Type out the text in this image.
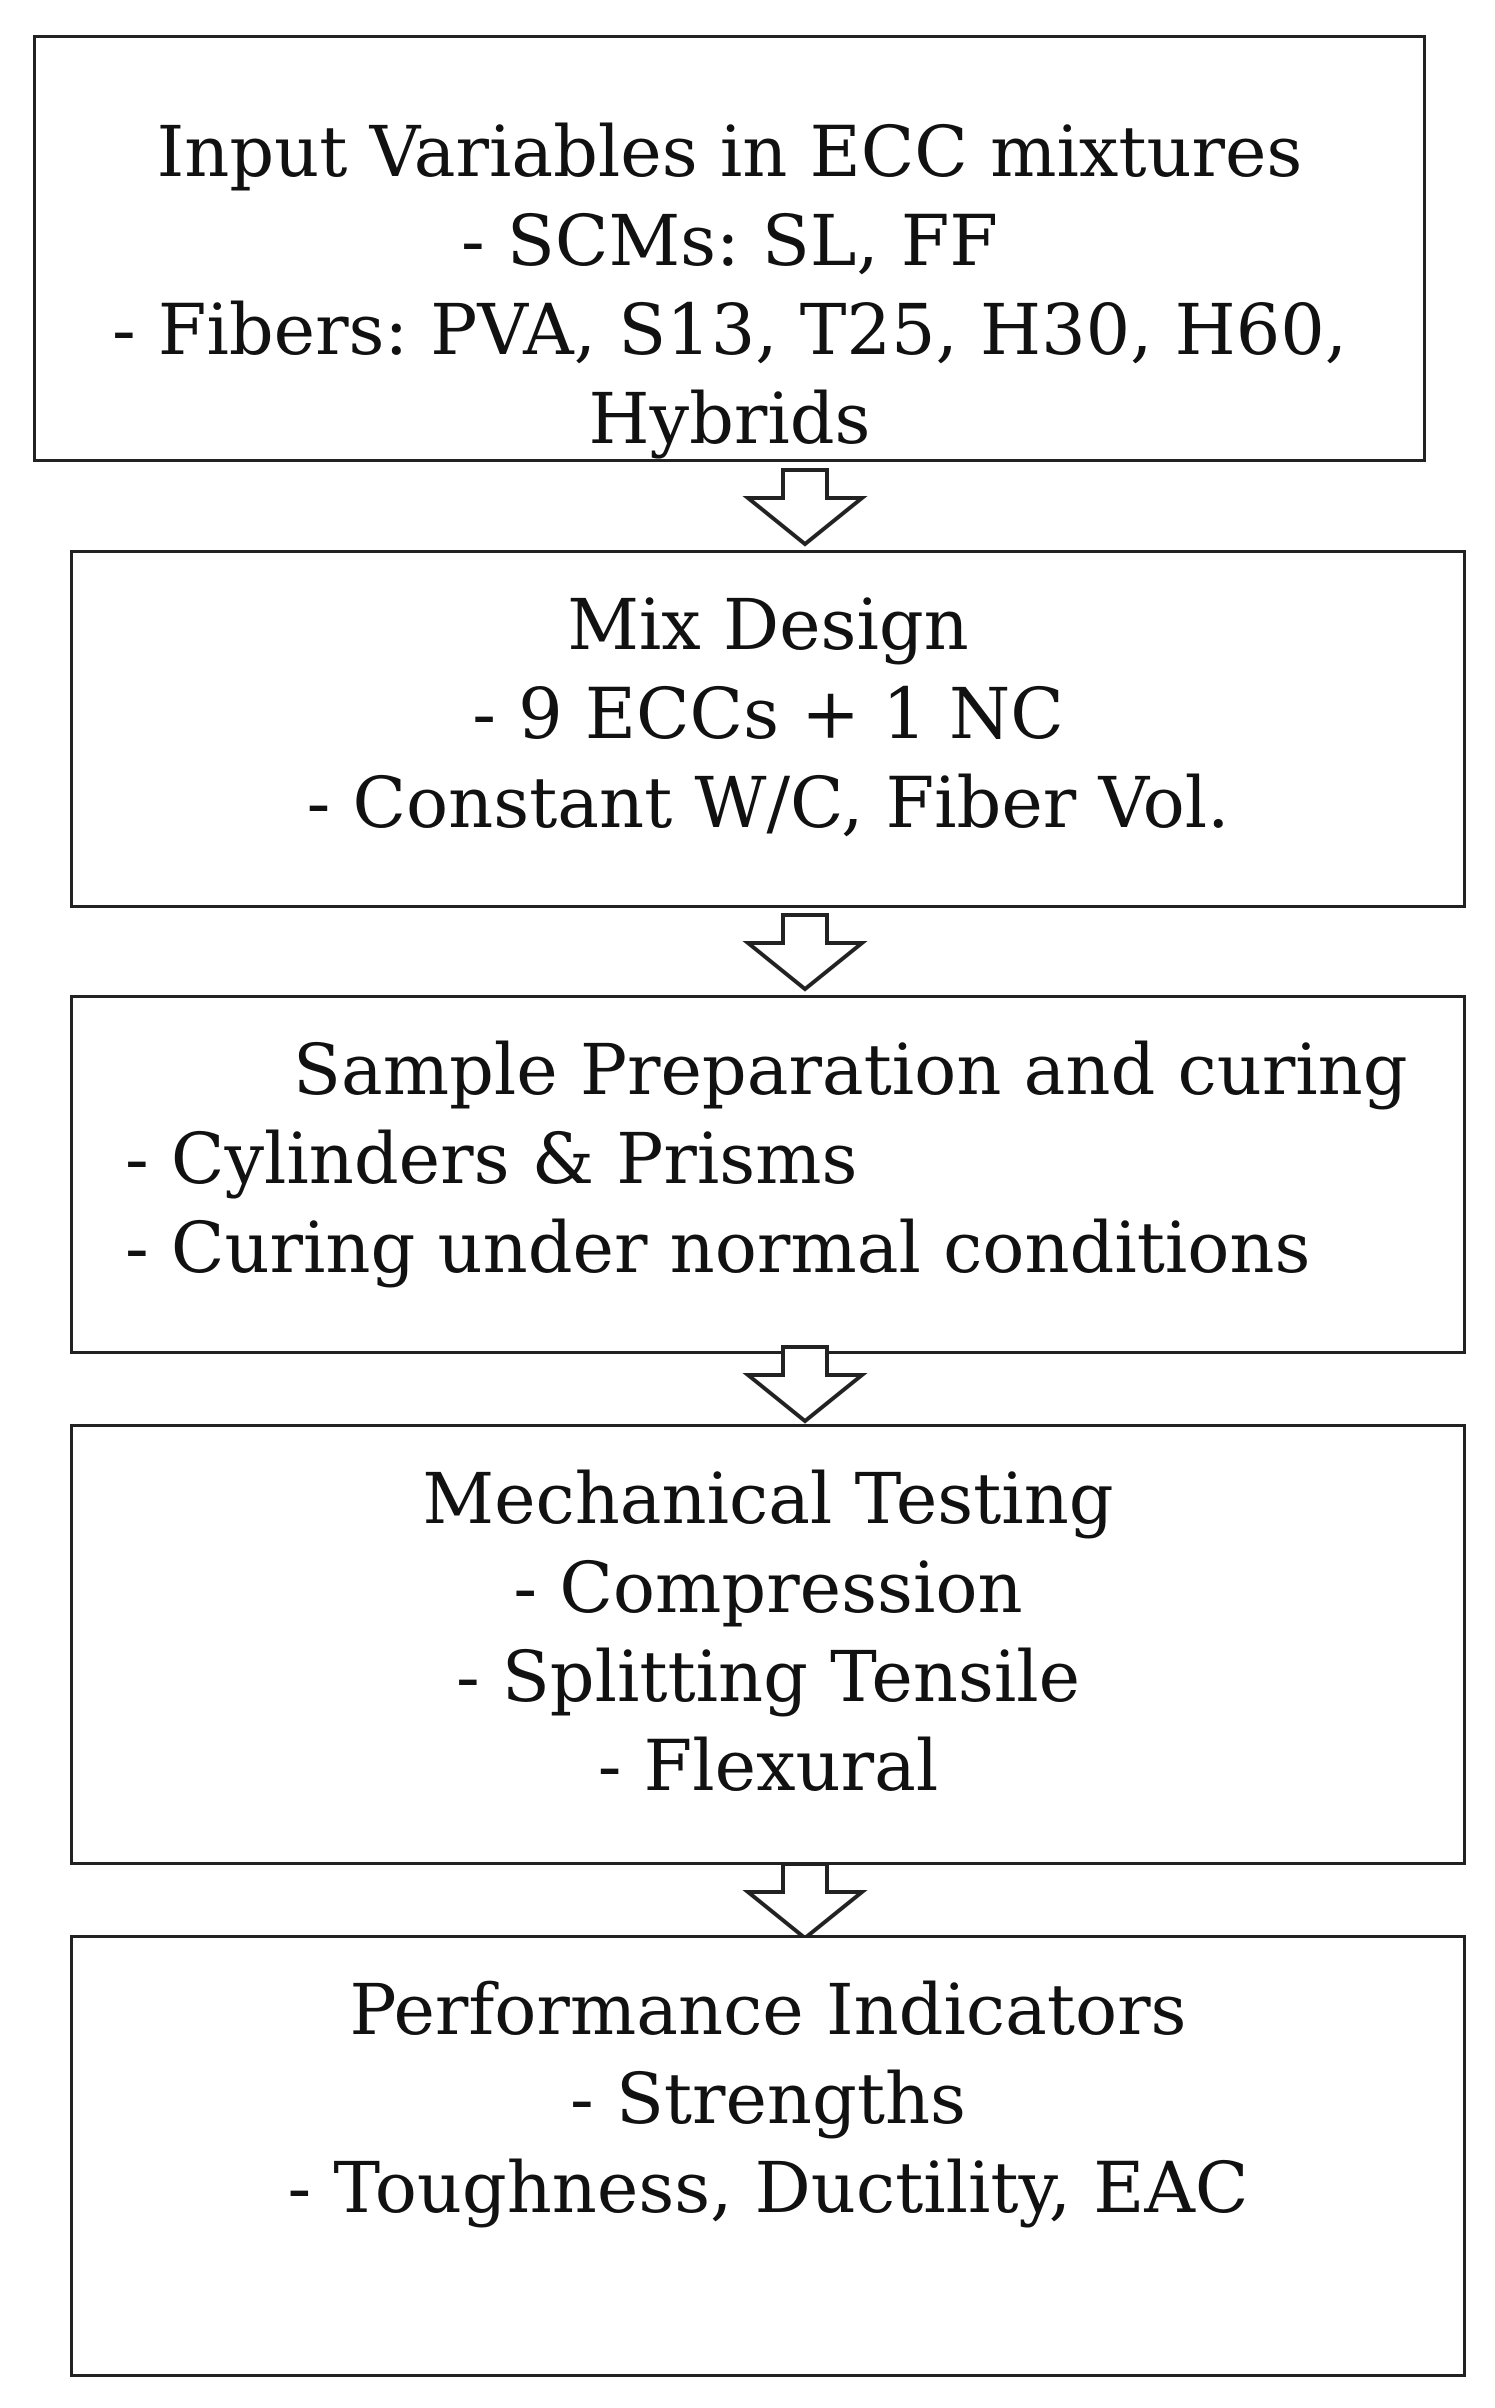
Input Variables in ECC mixtures
- SCMs: SL, FF
- Fibers: PVA, S13, T25, H30, H60,
Hybrids
Mix Design
- 9 ECCs + 1 NC
- Constant W/C, Fiber Vol.
Sample Preparation and curing
- Cylinders & Prisms
- Curing under normal conditions
Mechanical Testing
- Compression
- Splitting Tensile
- Flexural
Performance Indicators
- Strengths
- Toughness, Ductility, EAC
